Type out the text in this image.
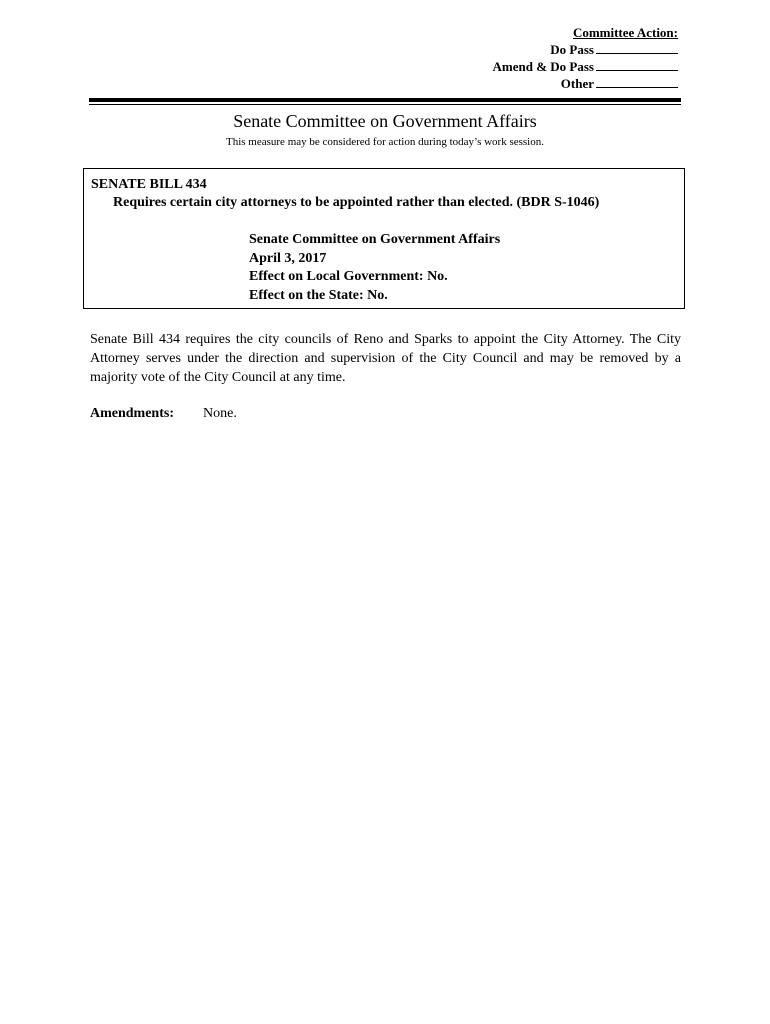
Committee Action:
Do Pass
Amend & Do Pass
Other
Senate Committee on Government Affairs
This measure may be considered for action during today’s work session.
SENATE BILL 434
Requires certain city attorneys to be appointed rather than elected. (BDR S-1046)
Senate Committee on Government Affairs
April 3, 2017
Effect on Local Government: No.
Effect on the State: No.
Senate Bill 434 requires the city councils of Reno and Sparks to appoint the City Attorney. The City Attorney serves under the direction and supervision of the City Council and may be removed by a majority vote of the City Council at any time.
Amendments: None.
